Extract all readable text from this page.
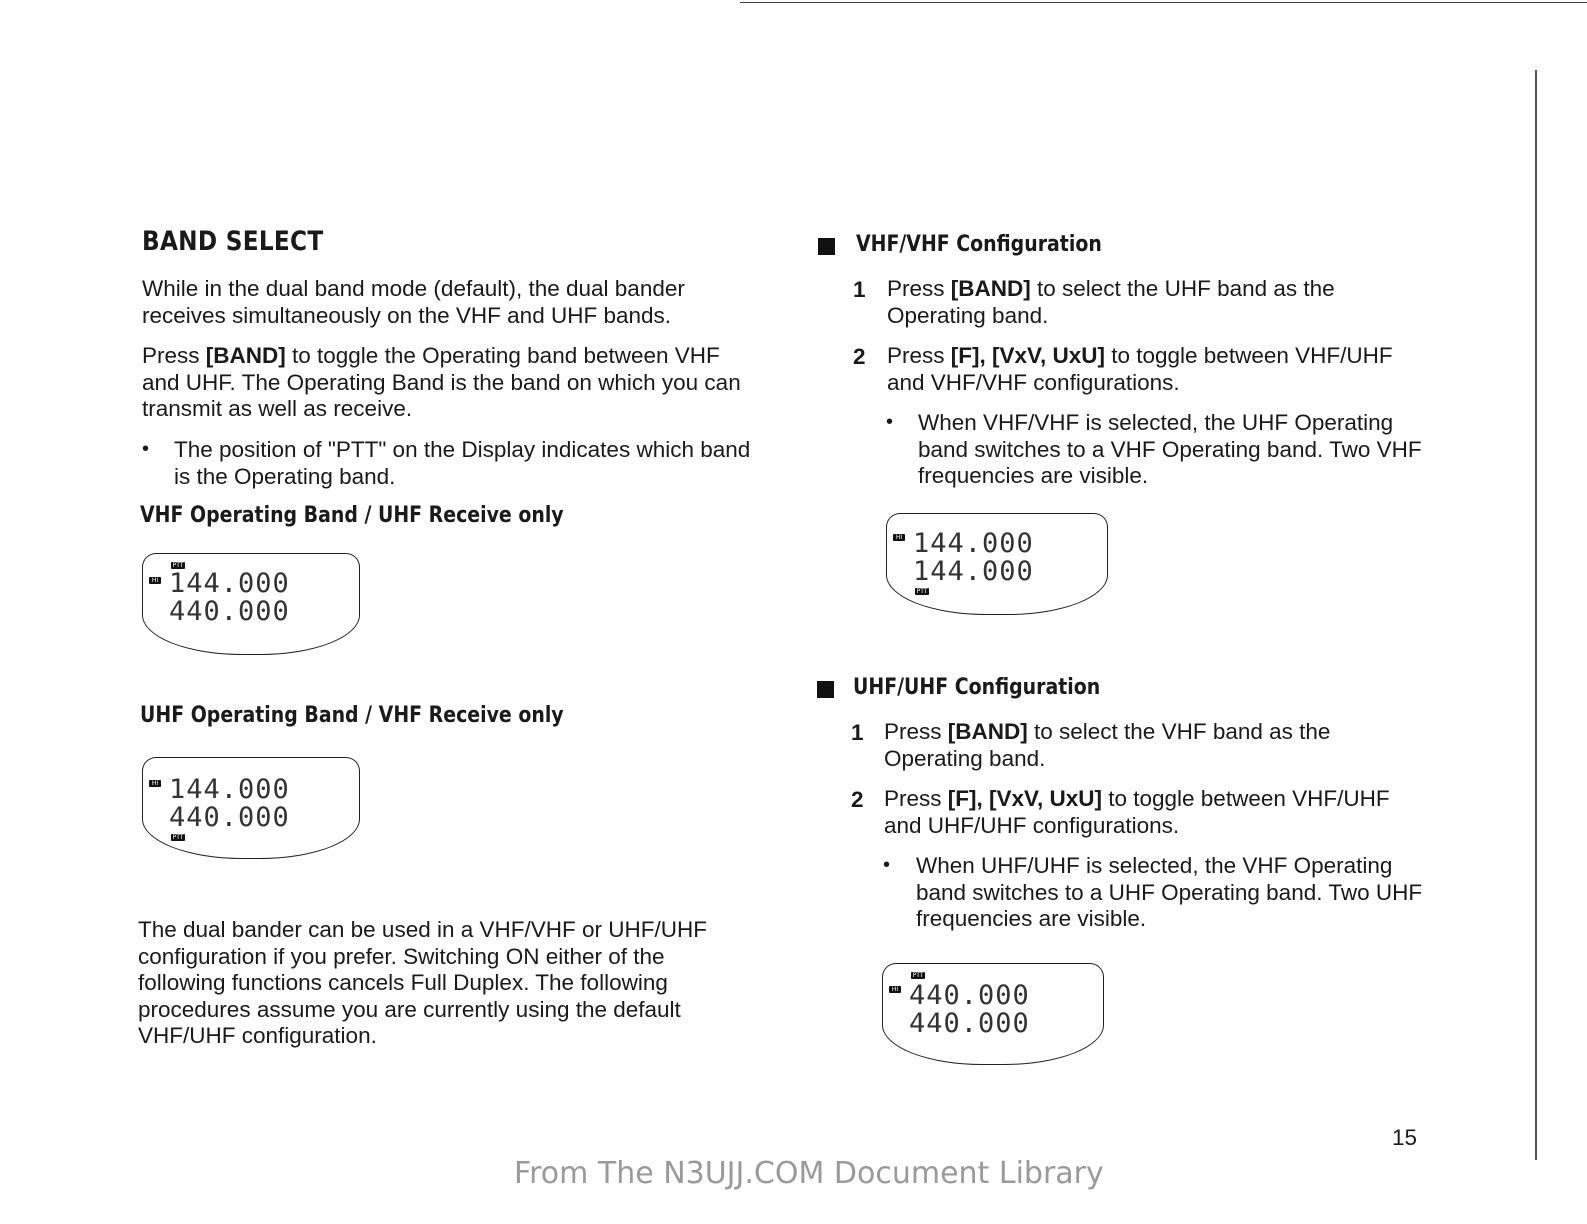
BAND SELECT
While in the dual band mode (default), the dual bander receives simultaneously on the VHF and UHF bands.
Press [BAND] to toggle the Operating band between VHF and UHF. The Operating Band is the band on which you can transmit as well as receive.
• The position of "PTT" on the Display indicates which band is the Operating band.
VHF Operating Band / UHF Receive only
PTT
HI 144.000
440.000
UHF Operating Band / VHF Receive only
HI 144.000
440.000
PTT
The dual bander can be used in a VHF/VHF or UHF/UHF configuration if you prefer. Switching ON either of the following functions cancels Full Duplex. The following procedures assume you are currently using the default VHF/UHF configuration.
VHF/VHF Configuration
1 Press [BAND] to select the UHF band as the Operating band.
2 Press [F], [VxV, UxU] to toggle between VHF/UHF and VHF/VHF configurations.
• When VHF/VHF is selected, the UHF Operating band switches to a VHF Operating band. Two VHF frequencies are visible.
HI 144.000
144.000
PTT
UHF/UHF Configuration
1 Press [BAND] to select the VHF band as the Operating band.
2 Press [F], [VxV, UxU] to toggle between VHF/UHF and UHF/UHF configurations.
• When UHF/UHF is selected, the VHF Operating band switches to a UHF Operating band. Two UHF frequencies are visible.
PTT
HI 440.000
440.000
15
From The N3UJJ.COM Document Library
